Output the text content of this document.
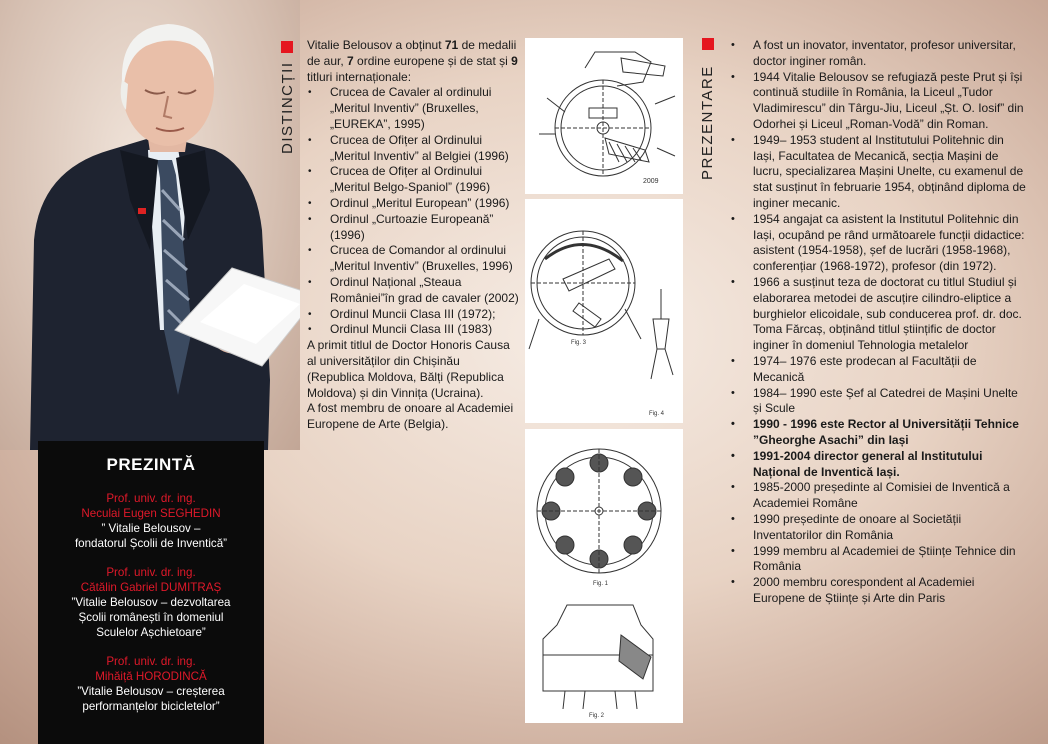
PREZINTĂ
Prof. univ. dr. ing.
Neculai Eugen SEGHEDIN
” Vitalie Belousov –
fondatorul Școlii de Inventică”
Prof. univ. dr. ing.
Cătălin Gabriel DUMITRAȘ
”Vitalie Belousov – dezvoltarea
Școlii românești în domeniul
Sculelor Așchietoare”
Prof. univ. dr. ing.
Mihăiță HORODINCĂ
”Vitalie Belousov – creșterea
performanțelor bicicletelor”
DISTINCȚII

Vitalie Belousov a obținut 71 de medalii de aur, 7 ordine europene și de stat și 9 titluri internaționale:

• Crucea de Cavaler al ordinului „Meritul Inventiv” (Bruxelles, „EUREKA”, 1995)
• Crucea de Ofițer al Ordinului „Meritul Inventiv” al Belgiei (1996)
• Crucea de Ofițer al Ordinului „Meritul Belgo-Spaniol” (1996)
• Ordinul „Meritul European” (1996)
• Ordinul „Curtoazie Europeană” (1996)
• Crucea de Comandor al ordinului „Meritul Inventiv” (Bruxelles, 1996)
• Ordinul Național „Steaua României”în grad de cavaler (2002)
• Ordinul Muncii Clasa III (1972);
• Ordinul Muncii Clasa III (1983)

A primit titlul de Doctor Honoris Causa al universităților din Chișinău (Republica Moldova, Bălți (Republica Moldova) și din Vinnița (Ucraina).

A fost membru de onoare al Academiei Europene de Arte (Belgia).

2009
Fig. 3
Fig. 4
Fig. 1
Fig. 2
PREZENTARE
• A fost un inovator, inventator, profesor universitar, doctor inginer român.
• 1944 Vitalie Belousov se refugiază peste Prut și își continuă studiile în România, la Liceul „Tudor Vladimirescu” din Târgu-Jiu, Liceul „Șt. O. Iosif” din Odorhei și Liceul „Roman-Vodă” din Roman.
• 1949– 1953 student al Institutului Politehnic din Iași, Facultatea de Mecanică, secția Mașini de lucru, specializarea Mașini Unelte, cu examenul de stat susținut în februarie 1954, obținând diploma de inginer mecanic.
• 1954 angajat ca asistent la Institutul Politehnic din Iași, ocupând pe rând următoarele funcții didactice: asistent (1954-1958), șef de lucrări (1958-1968), conferențiar (1968-1972), profesor (din 1972).
• 1966 a susținut teza de doctorat cu titlul Studiul și elaborarea metodei de ascuțire cilindro-eliptice a burghielor elicoidale, sub conducerea prof. dr. doc. Toma Fărcaș, obținând titlul științific de doctor inginer în domeniul Tehnologia metalelor
• 1974– 1976 este prodecan al Facultății de Mecanică
• 1984– 1990 este Șef al Catedrei de Mașini Unelte și Scule
• 1990 - 1996 este Rector al Universității Tehnice ”Gheorghe Asachi” din Iași
• 1991-2004 director general al Institutului Național de Inventică Iași.
• 1985-2000 președinte al Comisiei de Inventică a Academiei Române
• 1990 președinte de onoare al Societății Inventatorilor din România
• 1999 membru al Academiei de Științe Tehnice din România
• 2000 membru corespondent al Academiei Europene de Științe și Arte din Paris
